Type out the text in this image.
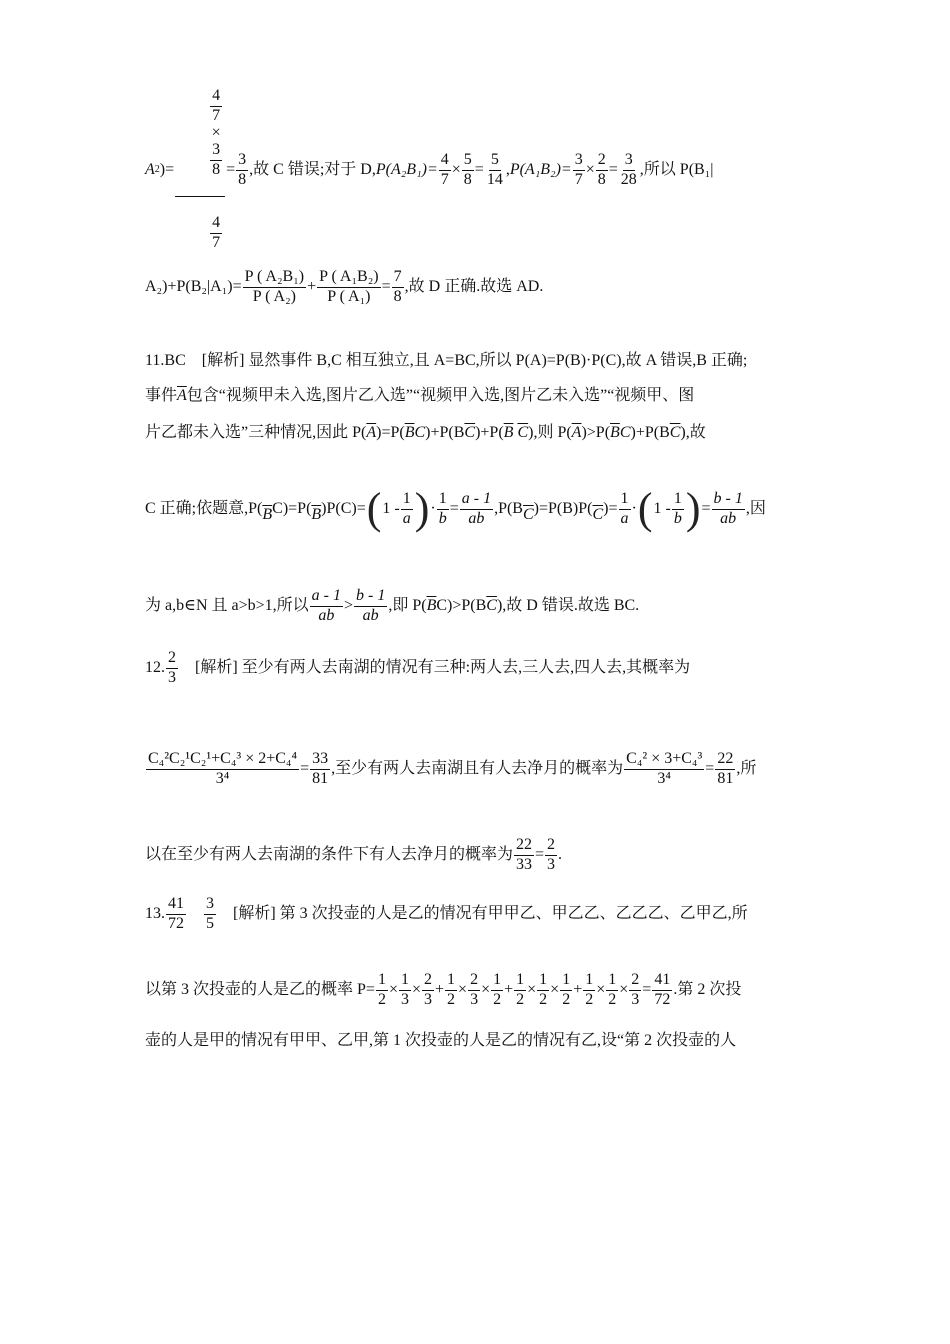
A 2 )=

$\frac{4}{7}$

×

$\frac{3}{8}$

$\frac{4}{7}$

= $\frac{3}{8}$ ,故 C 错误;对于 D, $P(A_2B_1)= \frac{4}{7} \times \frac{5}{8} = \frac{5}{14}$ , $P(A_1B_2)= \frac{3}{7} \times \frac{2}{8} = \frac{3}{28}$ ,所以 P(B₁|
$A_2)+P(B_2|A_1)= \frac{\text{P ( A₂B₁)}}{\text{P ( A₂)}} + \frac{\text{P ( A₁B₂)}}{\text{P ( A₁)}} = \frac{7}{8}$ ,故 D 正确.故选 AD.
11.BC    [解析] 显然事件 B,C 相互独立,且 A=BC,所以 P(A)=P(B)·P(C),故 A 错误,B 正确;
事件 $\overline{A}$ 包含“视频甲未入选,图片乙入选”“视频甲入选,图片乙未入选”“视频甲、图
片乙都未入选”三种情况,因此 P( $\overline{A}$ )=P( $\overline{B}$ C )+P(B $\overline{C}$ )+P( $\overline{B}$
$\overline{C}$ ),则 P( $\overline{A}$ )>P( $\overline{B}$ C )+P(B $\overline{C}$ ),故
C 正确;依题意,P( $\overline{B}$ C)=P( $\overline{B}$ )P(C)= ( $1 - \frac{1}{a}$ ) · $\frac{1}{b} = \frac{a - 1}{ab} ,P(B$ $\overline{C}$ )=P(B)P( $\overline{C}$ )= $\frac{1}{a}$ · ( $1 - \frac{1}{b}$ ) = $\frac{b - 1}{ab}$ ,因
为 a,b∈N 且 a>b>1,所以 $\frac{a - 1}{ab} > \frac{b - 1}{ab}$ ,即 P( $\overline{B}$ C)>P(B $\overline{C}$ ),故 D 错误.故选 BC.
12. $\frac{2}{3}$ [解析] 至少有两人去南湖的情况有三种:两人去,三人去,四人去,其概率为
$\frac{\text{C₄²C₂¹C₂¹+C₄³ × 2+C₄⁴}}{\text{3⁴}} = \frac{33}{81}$ ,至少有两人去南湖且有人去净月的概率为 $\frac{\text{C₄² × 3+C₄³}}{\text{3⁴}} = \frac{22}{81}$ ,所
以在至少有两人去南湖的条件下有人去净月的概率为 $\frac{22}{33} = \frac{2}{3}$ .
13. $\frac{41}{72} \frac{3}{5}$ [解析] 第 3 次投壶的人是乙的情况有甲甲乙、甲乙乙、乙乙乙、乙甲乙,所
以第 3 次投壶的人是乙的概率 $P= \frac{1}{2} \times \frac{1}{3} \times \frac{2}{3} + \frac{1}{2} \times \frac{2}{3} \times \frac{1}{2} + \frac{1}{2} \times \frac{1}{2} \times \frac{1}{2} + \frac{1}{2} \times \frac{1}{2} \times \frac{2}{3} = \frac{41}{72}$ .第 2 次投
壶的人是甲的情况有甲甲、乙甲,第 1 次投壶的人是乙的情况有乙,设“第 2 次投壶的人
